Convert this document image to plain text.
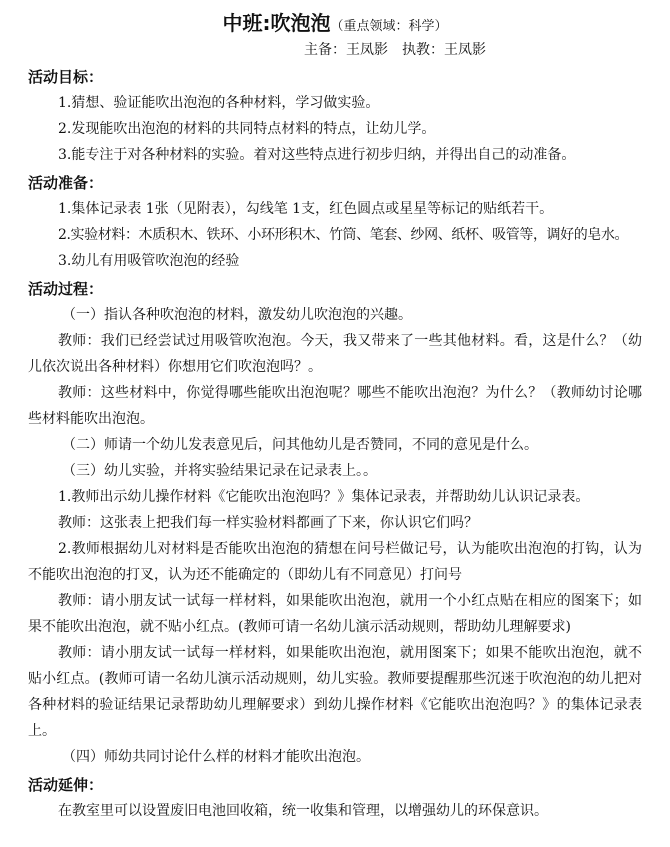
中班:吹泡泡（重点领域：科学）
主备：王凤影　执教：王凤影
活动目标：

1.猜想、验证能吹出泡泡的各种材料，学习做实验。

2.发现能吹出泡泡的材料的共同特点材料的特点，让幼儿学。

3.能专注于对各种材料的实验。着对这些特点进行初步归纳，并得出自己的动准备。

活动准备：

1.集体记录表 1张（见附表），勾线笔 1支，红色圆点或星星等标记的贴纸若干。

2.实验材料：木质积木、铁环、小环形积木、竹筒、笔套、纱网、纸杯、吸管等，调好的皂水。

3.幼儿有用吸管吹泡泡的经验

活动过程：

（一）指认各种吹泡泡的材料，激发幼儿吹泡泡的兴趣。

教师：我们已经尝试过用吸管吹泡泡。今天，我又带来了一些其他材料。看，这是什么？（幼儿依次说出各种材料）你想用它们吹泡泡吗？。

教师：这些材料中，你觉得哪些能吹出泡泡呢？哪些不能吹出泡泡？为什么？（教师幼讨论哪些材料能吹出泡泡。

（二）师请一个幼儿发表意见后，问其他幼儿是否赞同，不同的意见是什么。

（三）幼儿实验，并将实验结果记录在记录表上。。

1.教师出示幼儿操作材料《它能吹出泡泡吗？》集体记录表，并帮助幼儿认识记录表。

教师：这张表上把我们每一样实验材料都画了下来，你认识它们吗？

2.教师根据幼儿对材料是否能吹出泡泡的猜想在问号栏做记号，认为能吹出泡泡的打钩，认为不能吹出泡泡的打叉，认为还不能确定的（即幼儿有不同意见）打问号

教师：请小朋友试一试每一样材料，如果能吹出泡泡，就用一个小红点贴在相应的图案下；如果不能吹出泡泡，就不贴小红点。(教师可请一名幼儿演示活动规则，帮助幼儿理解要求)

教师：请小朋友试一试每一样材料，如果能吹出泡泡，就用图案下；如果不能吹出泡泡，就不贴小红点。(教师可请一名幼儿演示活动规则，幼儿实验。教师要提醒那些沉迷于吹泡泡的幼儿把对各种材料的验证结果记录帮助幼儿理解要求）到幼儿操作材料《它能吹出泡泡吗？》的集体记录表上。

（四）师幼共同讨论什么样的材料才能吹出泡泡。

活动延伸：

在教室里可以设置废旧电池回收箱，统一收集和管理，以增强幼儿的环保意识。
